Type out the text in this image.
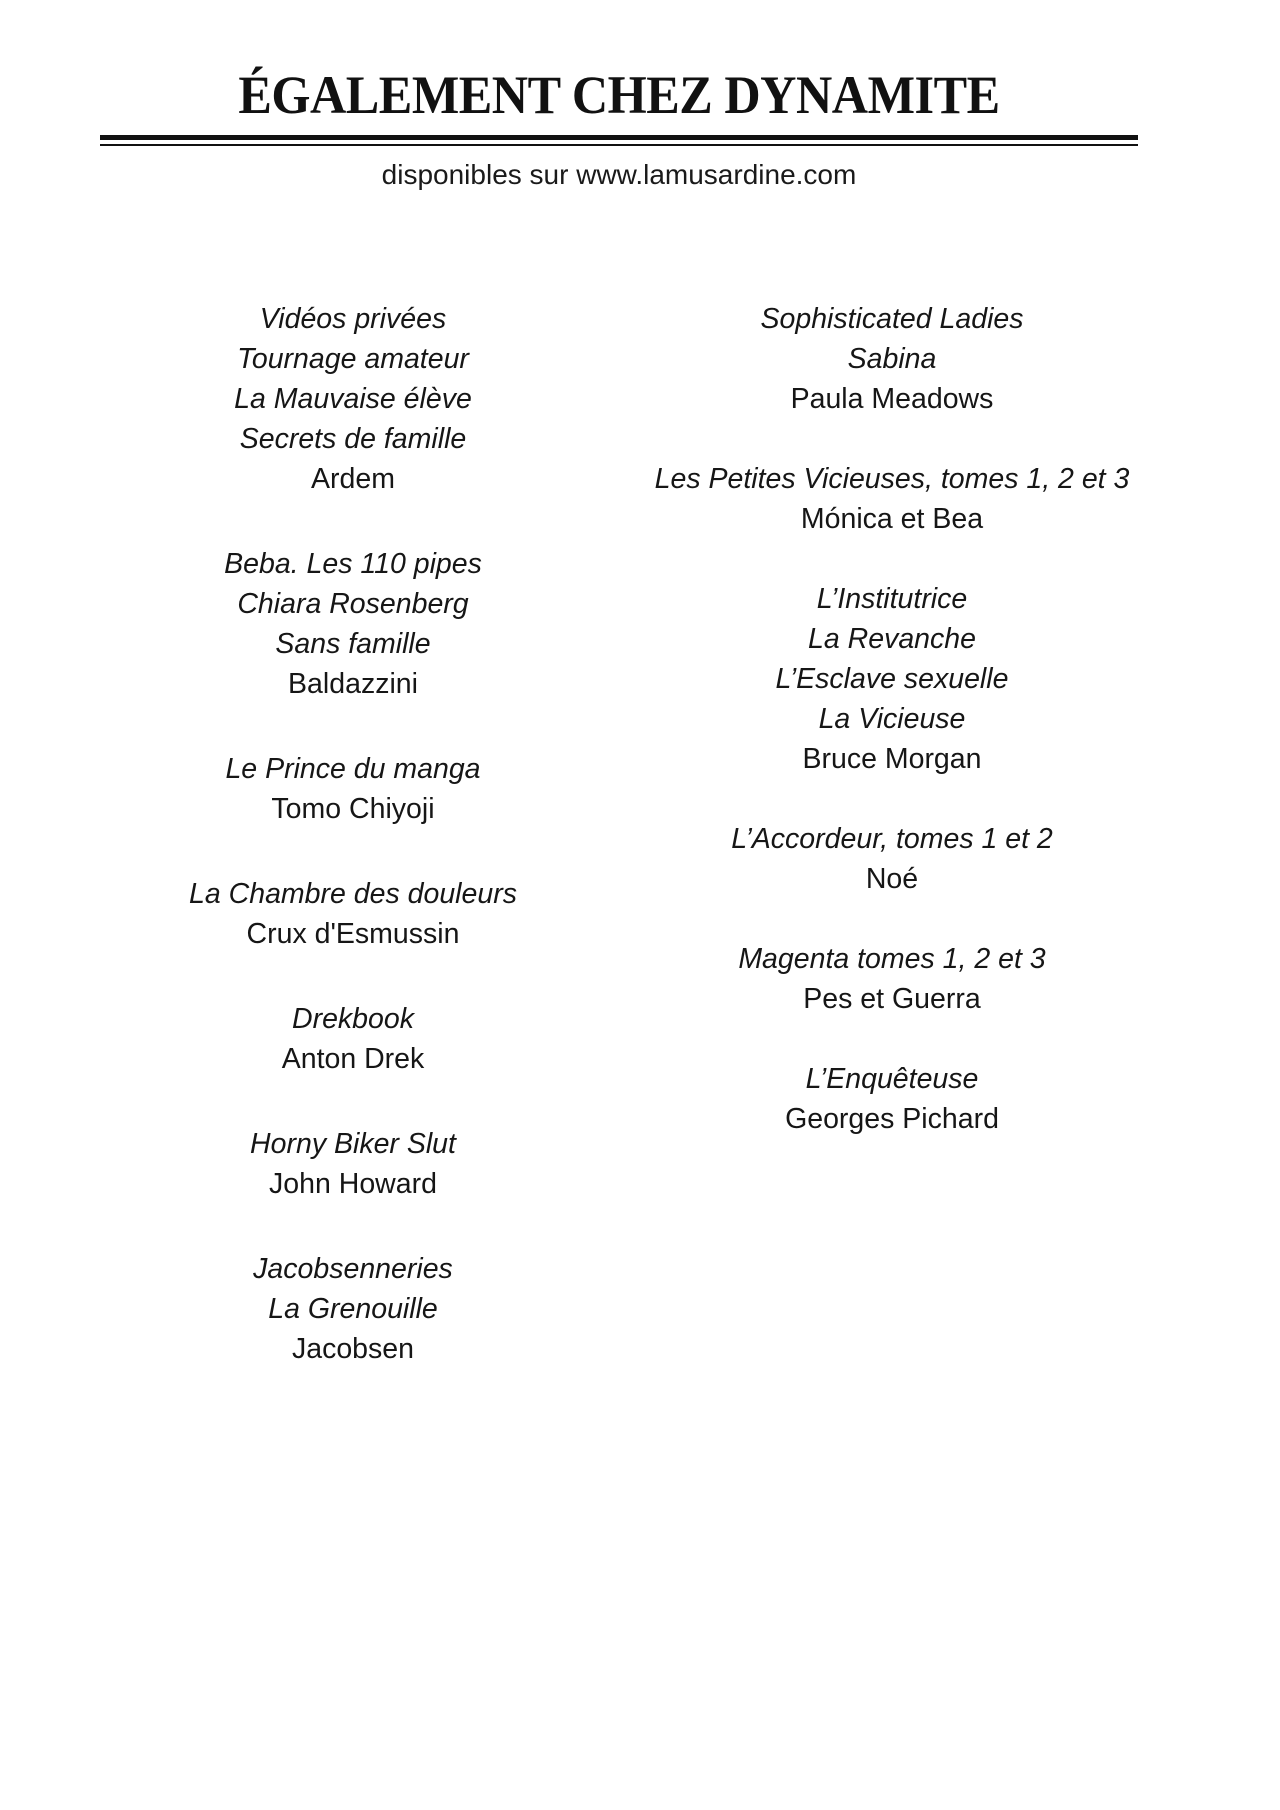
ÉGALEMENT CHEZ DYNAMITE

disponibles sur www.lamusardine.com

Vidéos privées
Tournage amateur
La Mauvaise élève
Secrets de famille
Ardem
Beba. Les 110 pipes
Chiara Rosenberg
Sans famille
Baldazzini
Le Prince du manga
Tomo Chiyoji
La Chambre des douleurs
Crux d'Esmussin
Drekbook
Anton Drek
Horny Biker Slut
John Howard
Jacobsenneries
La Grenouille
Jacobsen
Sophisticated Ladies
Sabina
Paula Meadows
Les Petites Vicieuses, tomes 1, 2 et 3
Mónica et Bea
L’Institutrice
La Revanche
L’Esclave sexuelle
La Vicieuse
Bruce Morgan
L’Accordeur, tomes 1 et 2
Noé
Magenta tomes 1, 2 et 3
Pes et Guerra
L’Enquêteuse
Georges Pichard
